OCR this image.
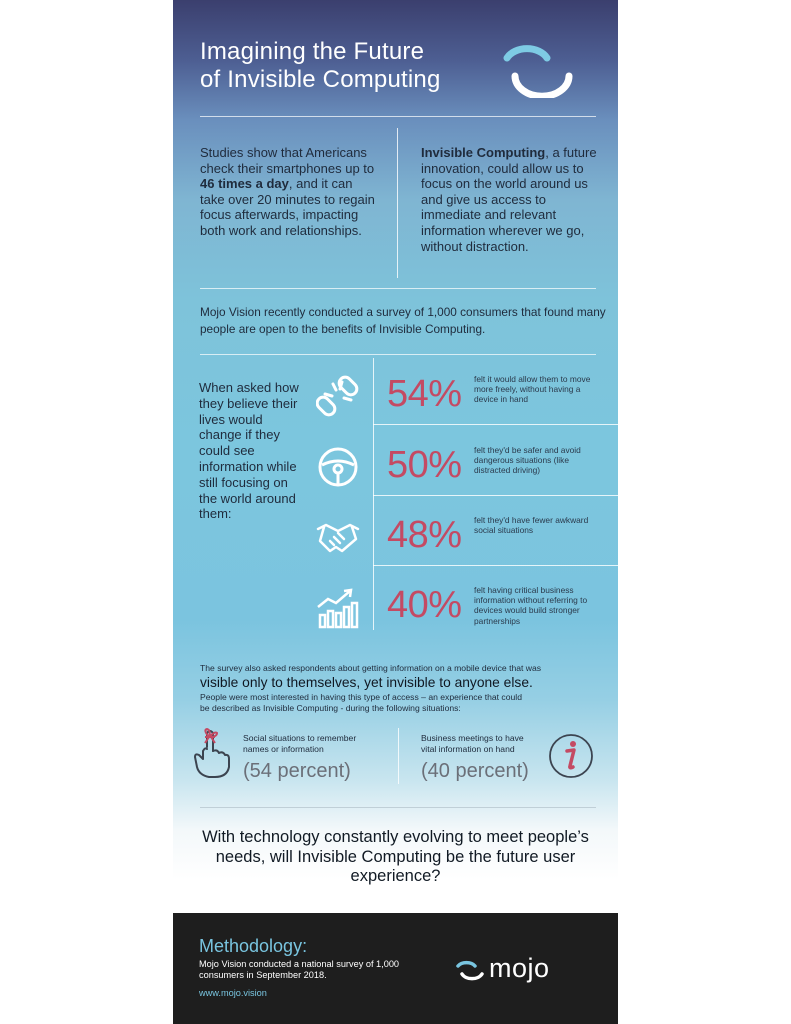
Imagining the Future
of Invisible Computing
Studies show that Americans check their smartphones up to 46 times a day, and it can take over 20 minutes to regain focus afterwards, impacting both work and relationships.
Invisible Computing, a future innovation, could allow us to focus on the world around us and give us access to immediate and relevant information wherever we go, without distraction.
Mojo Vision recently conducted a survey of 1,000 consumers that found many people are open to the benefits of Invisible Computing.
When asked how they believe their lives would change if they could see information while still focusing on the world around them:
54% felt it would allow them to move more freely, without having a device in hand
50% felt they'd be safer and avoid dangerous situations (like distracted driving)
48% felt they'd have fewer awkward social situations
40% felt having critical business information without referring to devices would build stronger partnerships
The survey also asked respondents about getting information on a mobile device that was
visible only to themselves, yet invisible to anyone else.
People were most interested in having this type of access – an experience that could be described as Invisible Computing - during the following situations:
Social situations to remember names or information
(54 percent)
Business meetings to have vital information on hand
(40 percent)
With technology constantly evolving to meet people’s needs, will Invisible Computing be the future user experience?
Methodology:
Mojo Vision conducted a national survey of 1,000 consumers in September 2018.
www.mojo.vision
mojo
